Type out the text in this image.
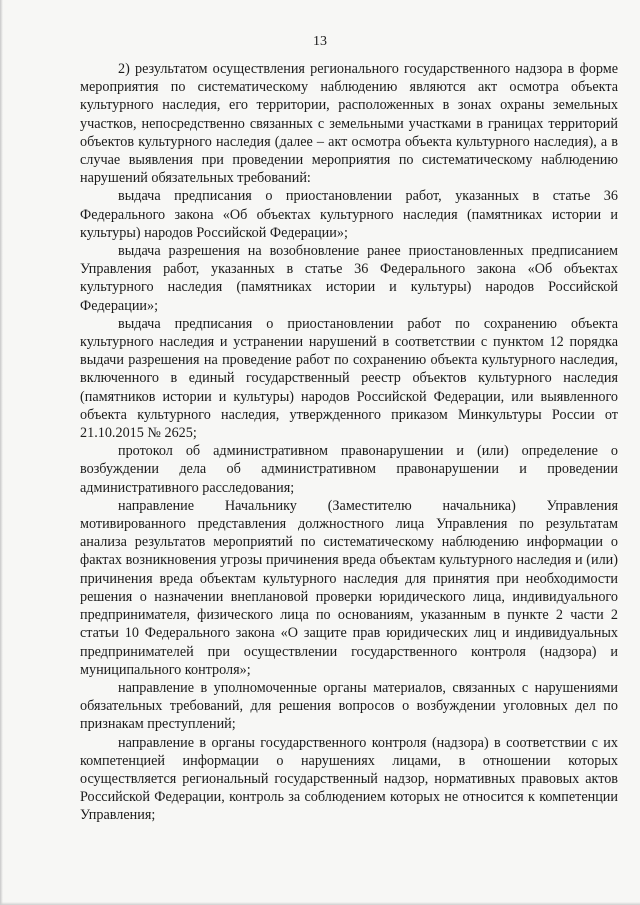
13

2) результатом осуществления регионального государственного надзора в форме мероприятия по систематическому наблюдению являются акт осмотра объекта культурного наследия, его территории, расположенных в зонах охраны земельных участков, непосредственно связанных с земельными участками в границах территорий объектов культурного наследия (далее – акт осмотра объекта культурного наследия), а в случае выявления при проведении мероприятия по систематическому наблюдению нарушений обязательных требований:

выдача предписания о приостановлении работ, указанных в статье 36 Федерального закона «Об объектах культурного наследия (памятниках истории и культуры) народов Российской Федерации»;

выдача разрешения на возобновление ранее приостановленных предписанием Управления работ, указанных в статье 36 Федерального закона «Об объектах культурного наследия (памятниках истории и культуры) народов Российской Федерации»;

выдача предписания о приостановлении работ по сохранению объекта культурного наследия и устранении нарушений в соответствии с пунктом 12 порядка выдачи разрешения на проведение работ по сохранению объекта культурного наследия, включенного в единый государственный реестр объектов культурного наследия (памятников истории и культуры) народов Российской Федерации, или выявленного объекта культурного наследия, утвержденного приказом Минкультуры России от 21.10.2015 № 2625;

протокол об административном правонарушении и (или) определение о возбуждении дела об административном правонарушении и проведении административного расследования;

направление Начальнику (Заместителю начальника) Управления мотивированного представления должностного лица Управления по результатам анализа результатов мероприятий по систематическому наблюдению информации о фактах возникновения угрозы причинения вреда объектам культурного наследия и (или) причинения вреда объектам культурного наследия для принятия при необходимости решения о назначении внеплановой проверки юридического лица, индивидуального предпринимателя, физического лица по основаниям, указанным в пункте 2 части 2 статьи 10 Федерального закона «О защите прав юридических лиц и индивидуальных предпринимателей при осуществлении государственного контроля (надзора) и муниципального контроля»;

направление в уполномоченные органы материалов, связанных с нарушениями обязательных требований, для решения вопросов о возбуждении уголовных дел по признакам преступлений;

направление в органы государственного контроля (надзора) в соответствии с их компетенцией информации о нарушениях лицами, в отношении которых осуществляется региональный государственный надзор, нормативных правовых актов Российской Федерации, контроль за соблюдением которых не относится к компетенции Управления;
